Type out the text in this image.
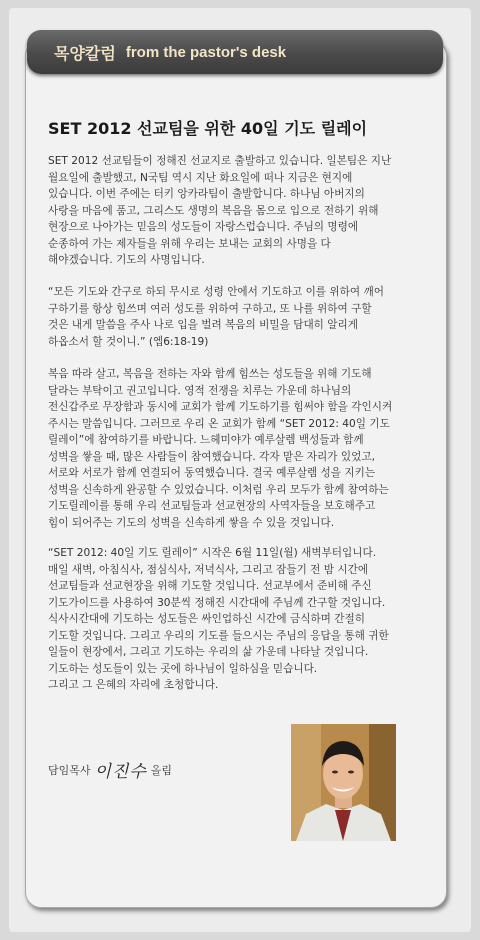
목양칼럼 from the pastor's desk
SET 2012 선교팀을 위한 40일 기도 릴레이
SET 2012 선교팀들이 정해진 선교지로 출발하고 있습니다. 일본팀은 지난
월요일에 출발했고, N국팀 역시 지난 화요일에 떠나 지금은 현지에
있습니다. 이번 주에는 터키 앙카라팀이 출발합니다. 하나님 아버지의
사랑을 마음에 품고, 그리스도 생명의 복음을 몸으로 입으로 전하기 위해
현장으로 나아가는 믿음의 성도들이 자랑스럽습니다. 주님의 명령에
순종하여 가는 제자들을 위해 우리는 보내는 교회의 사명을 다
해야겠습니다. 기도의 사명입니다.
“모든 기도와 간구로 하되 무시로 성령 안에서 기도하고 이를 위하여 깨어
구하기를 항상 힘쓰며 여러 성도를 위하여 구하고, 또 나를 위하여 구할
것은 내게 말씀을 주사 나로 입을 벌려 복음의 비밀을 담대히 알리게
하옵소서 할 것이니.” (엡6:18-19)
복음 따라 살고, 복음을 전하는 자와 함께 힘쓰는 성도들을 위해 기도해
달라는 부탁이고 권고입니다. 영적 전쟁을 치루는 가운데 하나님의
전신갑주로 무장함과 동시에 교회가 함께 기도하기를 힘써야 함을 각인시켜
주시는 말씀입니다. 그러므로 우리 온 교회가 함께 “SET 2012: 40일 기도
릴레이”에 참여하기를 바랍니다. 느헤미야가 예루살렘 백성들과 함께
성벽을 쌓을 때, 많은 사람들이 참여했습니다. 각자 맡은 자리가 있었고,
서로와 서로가 함께 연결되어 동역했습니다. 결국 예루살렘 성을 지키는
성벽을 신속하게 완공할 수 있었습니다. 이처럼 우리 모두가 함께 참여하는
기도릴레이를 통해 우리 선교팀들과 선교현장의 사역자들을 보호해주고
힘이 되어주는 기도의 성벽을 신속하게 쌓을 수 있을 것입니다.
“SET 2012: 40일 기도 릴레이” 시작은 6월 11일(월) 새벽부터입니다.
매일 새벽, 아침식사, 점심식사, 저녁식사, 그리고 잠들기 전 밤 시간에
선교팀들과 선교현장을 위해 기도할 것입니다. 선교부에서 준비해 주신
기도가이드를 사용하여 30분씩 정해진 시간대에 주님께 간구할 것입니다.
식사시간대에 기도하는 성도들은 싸인업하신 시간에 금식하며 간절히
기도할 것입니다. 그리고 우리의 기도를 들으시는 주님의 응답을 통해 귀한
일들이 현장에서, 그리고 기도하는 우리의 삶 가운데 나타날 것입니다.
기도하는 성도들이 있는 곳에 하나님이 일하심을 믿습니다.
그리고 그 은혜의 자리에 초청합니다.
담임목사 이진수 올림
